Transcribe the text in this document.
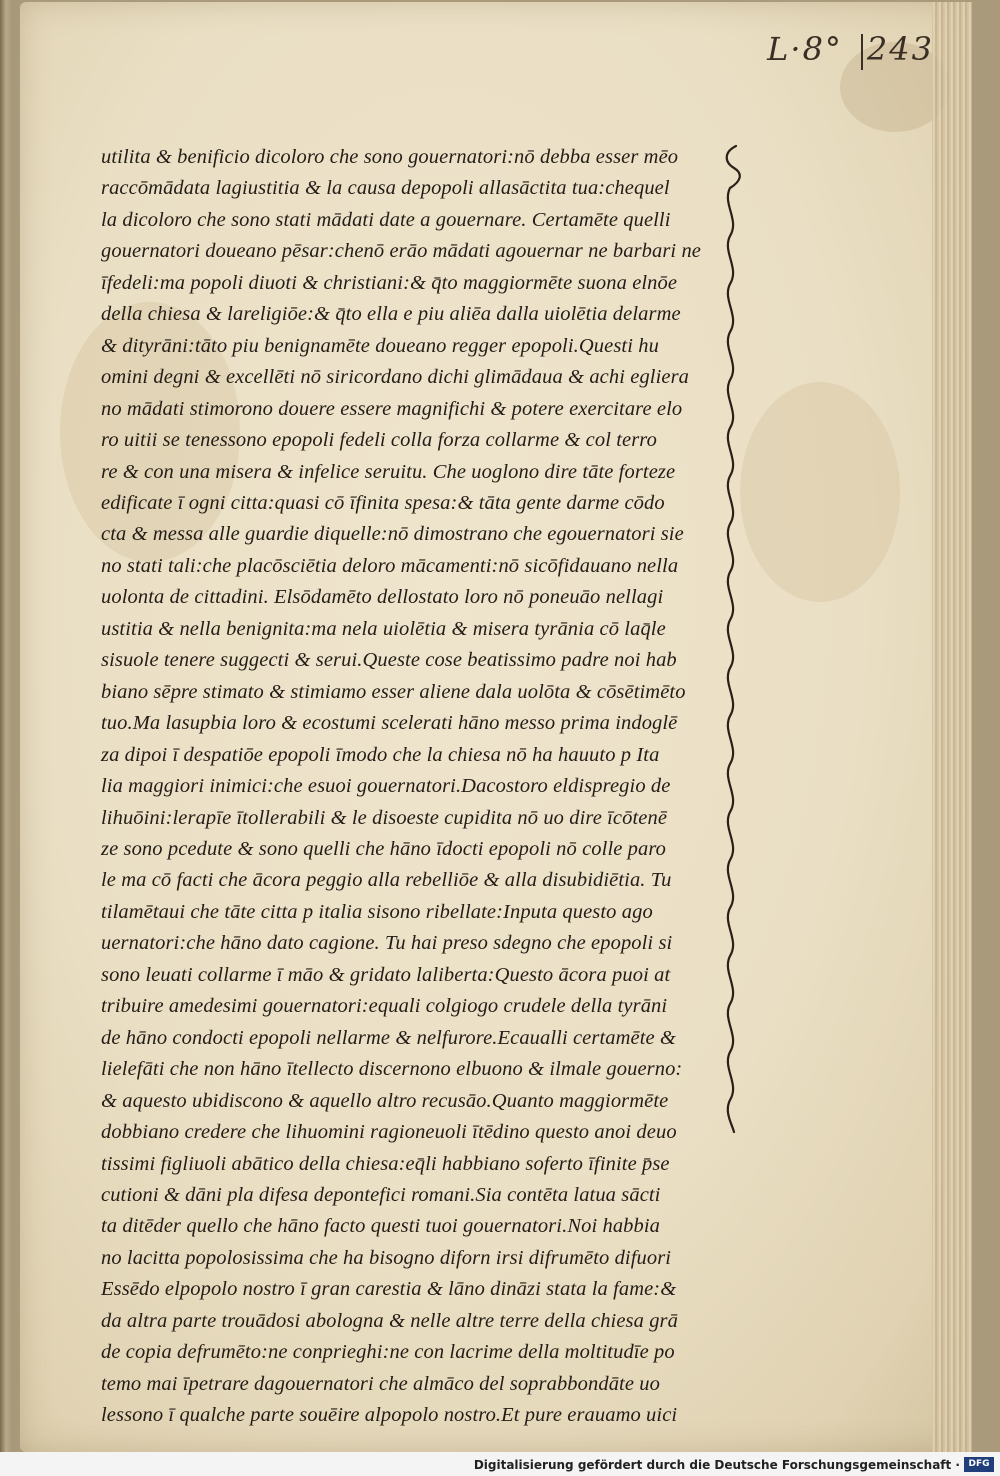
L·8° 243
utilita & benificio dicoloro che sono gouernatori:nō debba esser mēo
raccōmādata lagiustitia & la causa depopoli allasāctita tua:chequel
la dicoloro che sono stati mādati date a gouernare. Certamēte quelli
gouernatori doueano pēsar:chenō erāo mādati agouernar ne barbari ne
īfedeli:ma popoli diuoti & christiani:& q̄to maggiormēte suona elnōe
della chiesa & lareligiōe:& q̄to ella e piu aliēa dalla uiolētia delarme
& dityrāni:tāto piu benignamēte doueano regger epopoli.Questi hu
omini degni & excellēti nō siricordano dichi glimādaua & achi egliera
no mādati stimorono douere essere magnifichi & potere exercitare elo
ro uitii se tenessono epopoli fedeli colla forza collarme & col terro
re & con una misera & infelice seruitu. Che uoglono dire tāte forteze
edificate ī ogni citta:quasi cō īfinita spesa:& tāta gente darme cōdo
cta & messa alle guardie diquelle:nō dimostrano che egouernatori sie
no stati tali:che placōsciētia deloro mācamenti:nō sicōfidauano nella
uolonta de cittadini. Elsōdamēto dellostato loro nō poneuāo nellagi
ustitia & nella benignita:ma nela uiolētia & misera tyrānia cō laq̄le
sisuole tenere suggecti & serui.Queste cose beatissimo padre noi hab
biano sēpre stimato & stimiamo esser aliene dala uolōta & cōsētimēto
tuo.Ma lasupbia loro & ecostumi scelerati hāno messo prima indoglē
za dipoi ī despatiōe epopoli īmodo che la chiesa nō ha hauuto p Ita
lia maggiori inimici:che esuoi gouernatori.Dacostoro eldispregio de
lihuōini:lerapīe ītollerabili & le disoeste cupidita nō uo dire īcōtenē
ze sono pcedute & sono quelli che hāno īdocti epopoli nō colle paro
le ma cō facti che ācora peggio alla rebelliōe & alla disubidiētia. Tu
tilamētaui che tāte citta p italia sisono ribellate:Inputa questo ago
uernatori:che hāno dato cagione. Tu hai preso sdegno che epopoli si
sono leuati collarme ī māo & gridato laliberta:Questo ācora puoi at
tribuire amedesimi gouernatori:equali colgiogo crudele della tyrāni
de hāno condocti epopoli nellarme & nelfurore.Ecaualli certamēte &
lielefāti che non hāno ītellecto discernono elbuono & ilmale gouerno:
& aquesto ubidiscono & aquello altro recusāo.Quanto maggiormēte
dobbiano credere che lihuomini ragioneuoli ītēdino questo anoi deuo
tissimi figliuoli abātico della chiesa:eq̄li habbiano soferto īfinite p̄se
cutioni & dāni pla difesa depontefici romani.Sia contēta latua sācti
ta ditēder quello che hāno facto questi tuoi gouernatori.Noi habbia
no lacitta popolosissima che ha bisogno diforn irsi difrumēto difuori
Essēdo elpopolo nostro ī gran carestia & lāno dināzi stata la fame:&
da altra parte trouādosi abologna & nelle altre terre della chiesa grā
de copia defrumēto:ne conprieghi:ne con lacrime della moltitudīe po
temo mai īpetrare dagouernatori che almāco del soprabbondāte uo
lessono ī qualche parte souēire alpopolo nostro.Et pure erauamo uici
Digitalisierung gefördert durch die Deutsche Forschungsgemeinschaft · DFG
